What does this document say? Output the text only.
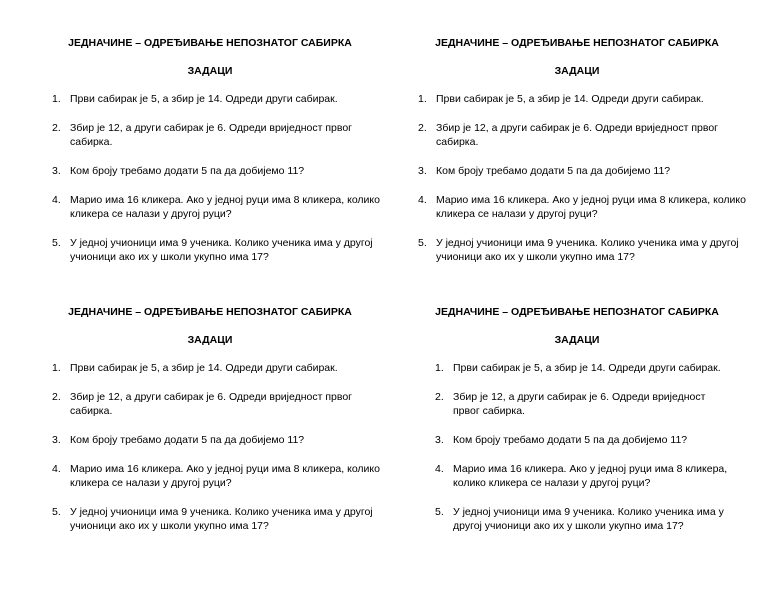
ЈЕДНАЧИНЕ – ОДРЕЂИВАЊЕ НЕПОЗНАТОГ САБИРКА

ЗАДАЦИ

1. Први сабирак је 5, а збир је 14. Одреди други сабирак.
2. Збир је 12, а други сабирак је 6. Одреди вриједност првог сабирка.
3. Ком броју требамо додати 5 па да добијемо 11?
4. Марио има 16 кликера. Ако у једној руци има 8 кликера, колико кликера се налази у другој руци?
5. У једној учионици има 9 ученика. Колико ученика има у другој учионици ако их у школи укупно има 17?

ЈЕДНАЧИНЕ – ОДРЕЂИВАЊЕ НЕПОЗНАТОГ САБИРКА

ЗАДАЦИ

1. Први сабирак је 5, а збир је 14. Одреди други сабирак.
2. Збир је 12, а други сабирак је 6. Одреди вриједност првог сабирка.
3. Ком броју требамо додати 5 па да добијемо 11?
4. Марио има 16 кликера. Ако у једној руци има 8 кликера, колико кликера се налази у другој руци?
5. У једној учионици има 9 ученика. Колико ученика има у другој учионици ако их у школи укупно има 17?

ЈЕДНАЧИНЕ – ОДРЕЂИВАЊЕ НЕПОЗНАТОГ САБИРКА

ЗАДАЦИ

1. Први сабирак је 5, а збир је 14. Одреди други сабирак.
2. Збир је 12, а други сабирак је 6. Одреди вриједност првог сабирка.
3. Ком броју требамо додати 5 па да добијемо 11?
4. Марио има 16 кликера. Ако у једној руци има 8 кликера, колико кликера се налази у другој руци?
5. У једној учионици има 9 ученика. Колико ученика има у другој учионици ако их у школи укупно има 17?

ЈЕДНАЧИНЕ – ОДРЕЂИВАЊЕ НЕПОЗНАТОГ САБИРКА

ЗАДАЦИ

1. Први сабирак је 5, а збир је 14. Одреди други сабирак.
2. Збир је 12, а други сабирак је 6. Одреди вриједност првог сабирка.
3. Ком броју требамо додати 5 па да добијемо 11?
4. Марио има 16 кликера. Ако у једној руци има 8 кликера, колико кликера се налази у другој руци?
5. У једној учионици има 9 ученика. Колико ученика има у другој учионици ако их у школи укупно има 17?
